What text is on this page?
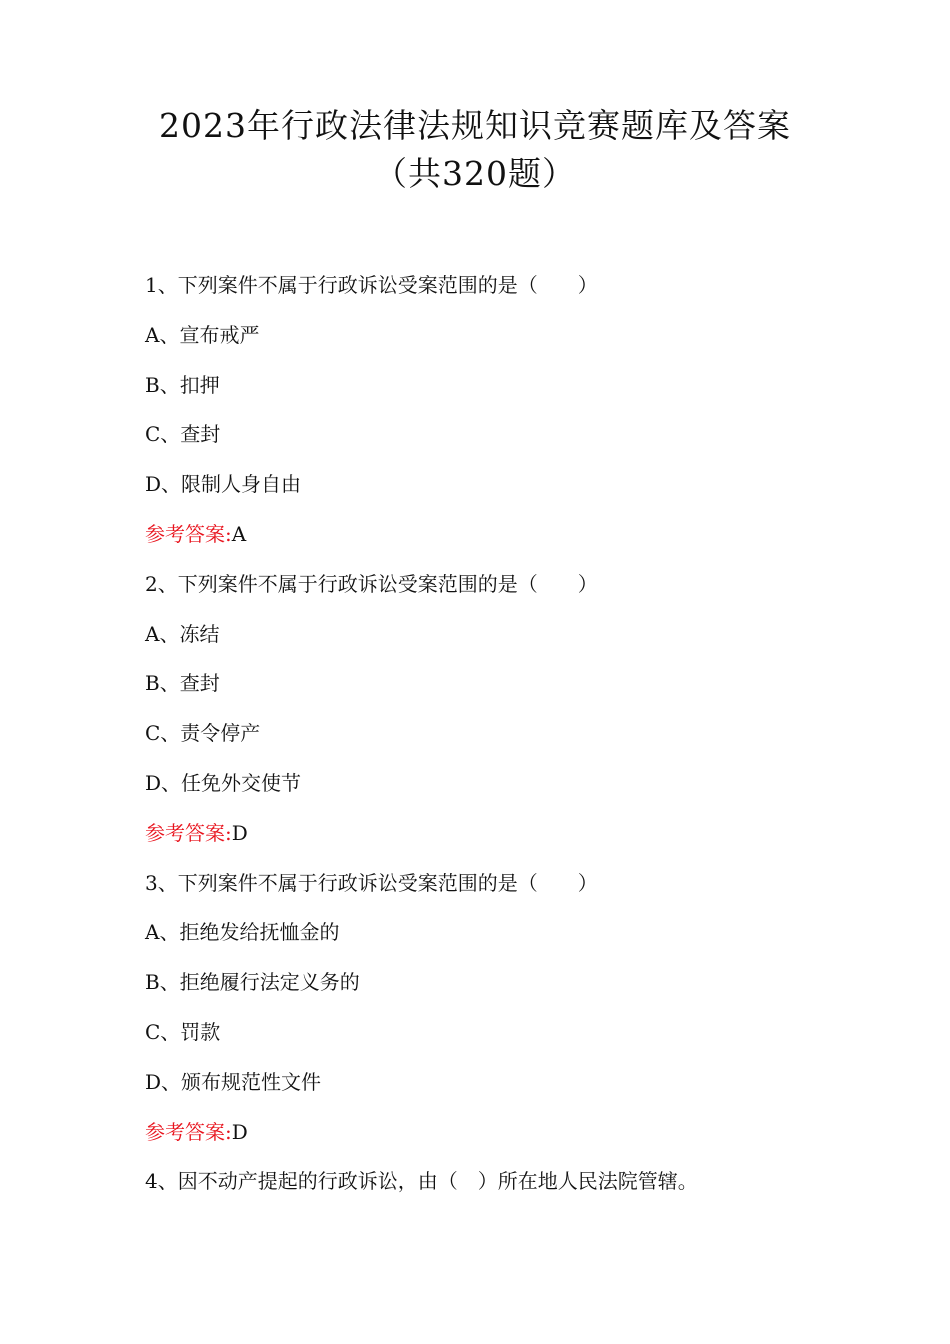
2023年行政法律法规知识竞赛题库及答案
（共320题）
1、下列案件不属于行政诉讼受案范围的是（　　）
A、宣布戒严
B、扣押
C、查封
D、限制人身自由
参考答案:A
2、下列案件不属于行政诉讼受案范围的是（　　）
A、冻结
B、查封
C、责令停产
D、任免外交使节
参考答案:D
3、下列案件不属于行政诉讼受案范围的是（　　）
A、拒绝发给抚恤金的
B、拒绝履行法定义务的
C、罚款
D、颁布规范性文件
参考答案:D
4、因不动产提起的行政诉讼，由（　）所在地人民法院管辖。
